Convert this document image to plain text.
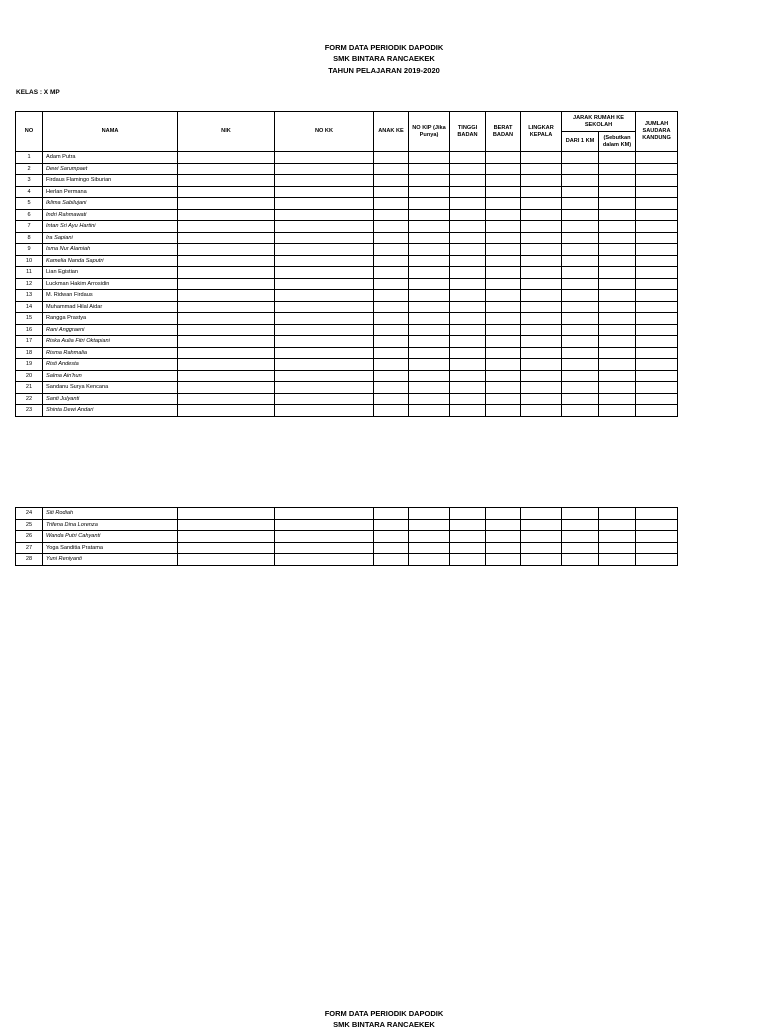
FORM DATA PERIODIK DAPODIK
SMK BINTARA RANCAEKEK
TAHUN PELAJARAN 2019-2020
KELAS : X MP
NO	NAMA	NIK	NO KK	ANAK KE	NO KIP (Jika Punya)	TINGGI BADAN	BERAT BADAN	LINGKAR KEPALA	JARAK RUMAH KE SEKOLAH		JUMLAH SAUDARA KANDUNG
									DARI 1 KM	(Sebutkan dalam KM)	
1	Adam Putra										
2	Dewi Sarumpaet										
3	Firdaus Flamingo Siburian										
4	Herlan Permana										
5	Iklima Sabilujani										
6	Indri Rahmawati										
7	Intan Sri Ayu Hartini										
8	Ira Sapiani										
9	Isma Nur Alamiah										
10	Kamelia Nanda Saputri										
11	Lian Egistian										
12	Luckman Hakim Arrosidin										
13	M. Ridwan Firdaus										
14	Muhammad Hilal Aidar										
15	Rangga Prastya										
16	Rani Anggraeni										
17	Riska Aulia Fitri Oktapiani										
18	Risma Rahmalia										
19	Risti Andesta										
20	Salma Ain'hun										
21	Sandanu Surya Kencana										
22	Santi Julyanti										
23	Shinta Dewi Andari										
24	Siti Rodiah										
25	Trifena Dina Lorenza										
26	Wanda Putri Cahyanti										
27	Yoga Sanditia Pratama										
28	Yuni Reniyanti										
FORM DATA PERIODIK DAPODIK
SMK BINTARA RANCAEKEK
